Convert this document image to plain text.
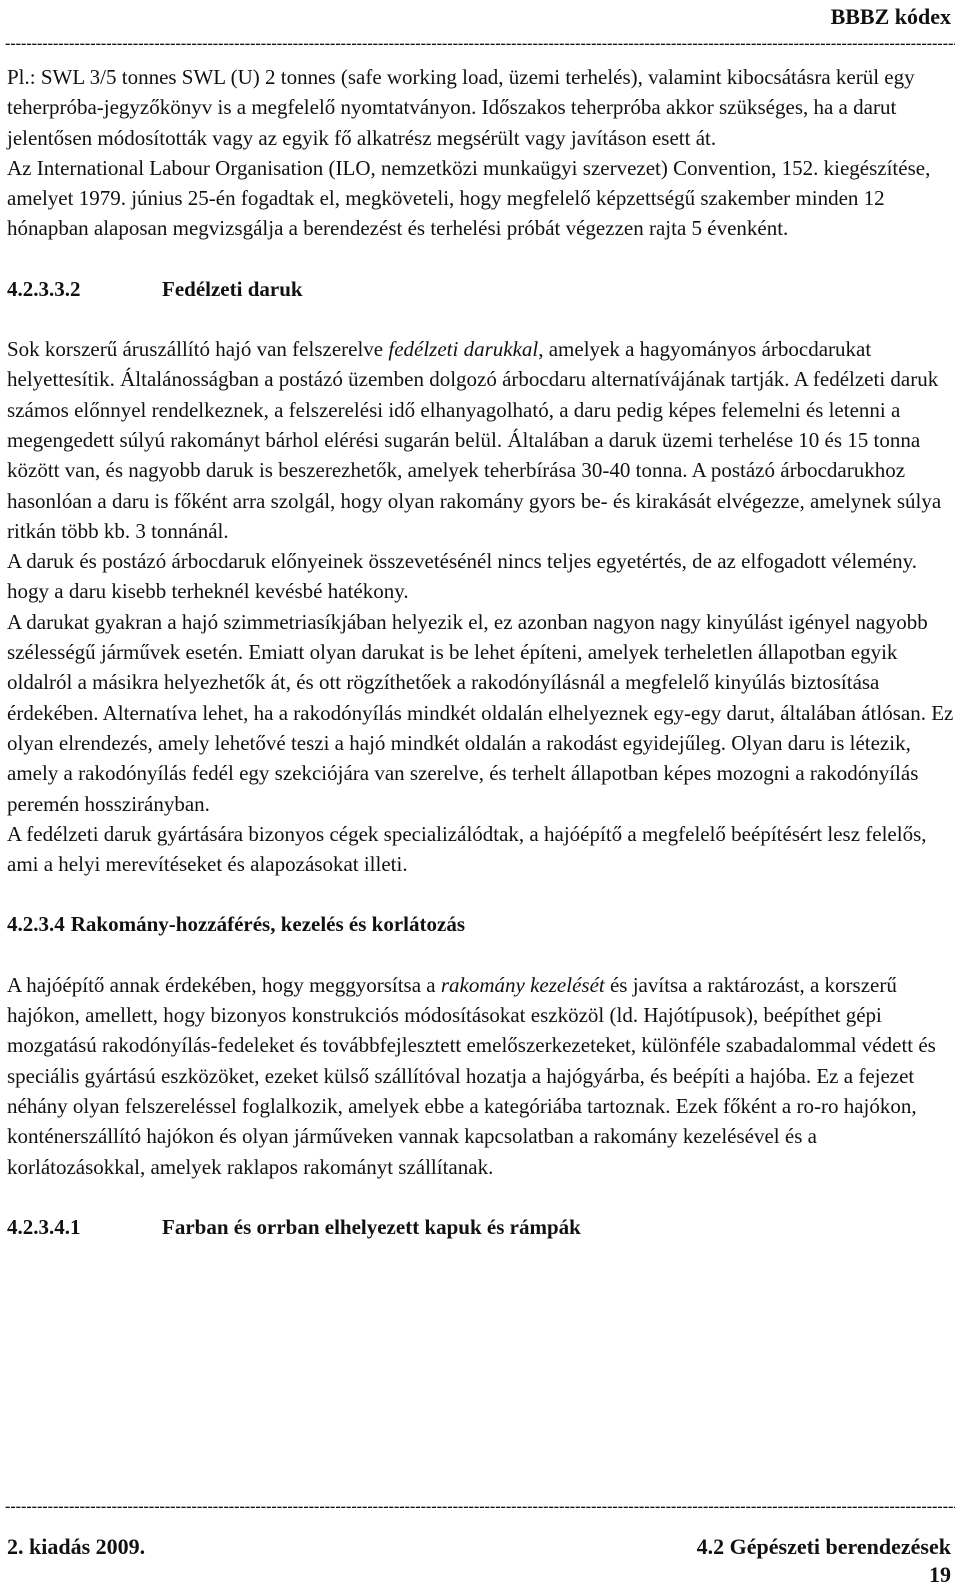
BBBZ kódex
-----

Pl.: SWL 3/5 tonnes SWL (U) 2 tonnes (safe working load, üzemi terhelés), valamint kibocsátásra kerül egy teherpróba-jegyzőkönyv is a megfelelő nyomtatványon. Időszakos teherpróba akkor szükséges, ha a darut jelentősen módosították vagy az egyik fő alkatrész megsérült vagy javításon esett át.

Az International Labour Organisation (ILO, nemzetközi munkaügyi szervezet) Convention, 152. kiegészítése, amelyet 1979. június 25-én fogadtak el, megköveteli, hogy megfelelő képzettségű szakember minden 12 hónapban alaposan megvizsgálja a berendezést és terhelési próbát végezzen rajta 5 évenként.

4.2.3.3.2	Fedélzeti daruk

Sok korszerű áruszállító hajó van felszerelve fedélzeti darukkal, amelyek a hagyományos árbocdarukat helyettesítik. Általánosságban a postázó üzemben dolgozó árbocdaru alternatívájának tartják. A fedélzeti daruk számos előnnyel rendelkeznek, a felszerelési idő elhanyagolható, a daru pedig képes felemelni és letenni a megengedett súlyú rakományt bárhol elérési sugarán belül. Általában a daruk üzemi terhelése 10 és 15 tonna között van, és nagyobb daruk is beszerezhetők, amelyek teherbírása 30-40 tonna. A postázó árbocdarukhoz hasonlóan a daru is főként arra szolgál, hogy olyan rakomány gyors be- és kirakását elvégezze, amelynek súlya ritkán több kb. 3 tonnánál.

A daruk és postázó árbocdaruk előnyeinek összevetésénél nincs teljes egyetértés, de az elfogadott vélemény. hogy a daru kisebb terheknél kevésbé hatékony.

A darukat gyakran a hajó szimmetriasíkjában helyezik el, ez azonban nagyon nagy kinyúlást igényel nagyobb szélességű járművek esetén. Emiatt olyan darukat is be lehet építeni, amelyek terheletlen állapotban egyik oldalról a másikra helyezhetők át, és ott rögzíthetőek a rakodónyílásnál a megfelelő kinyúlás biztosítása érdekében. Alternatíva lehet, ha a rakodónyílás mindkét oldalán elhelyeznek egy-egy darut, általában átlósan. Ez olyan elrendezés, amely lehetővé teszi a hajó mindkét oldalán a rakodást egyidejűleg. Olyan daru is létezik, amely a rakodónyílás fedél egy szekciójára van szerelve, és terhelt állapotban képes mozogni a rakodónyílás peremén hosszirányban.

A fedélzeti daruk gyártására bizonyos cégek specializálódtak, a hajóépítő a megfelelő beépítésért lesz felelős, ami a helyi merevítéseket és alapozásokat illeti.

4.2.3.4 Rakomány-hozzáférés, kezelés és korlátozás

A hajóépítő annak érdekében, hogy meggyorsítsa a rakomány kezelését és javítsa a raktározást, a korszerű hajókon, amellett, hogy bizonyos konstrukciós módosításokat eszközöl (ld. Hajótípusok), beépíthet gépi mozgatású rakodónyílás-fedeleket és továbbfejlesztett emelőszerkezeteket, különféle szabadalommal védett és speciális gyártású eszközöket, ezeket külső szállítóval hozatja a hajógyárba, és beépíti a hajóba. Ez a fejezet néhány olyan felszereléssel foglalkozik, amelyek ebbe a kategóriába tartoznak. Ezek főként a ro-ro hajókon, konténerszállító hajókon és olyan járműveken vannak kapcsolatban a rakomány kezelésével és a korlátozásokkal, amelyek raklapos rakományt szállítanak.

4.2.3.4.1	Farban és orrban elhelyezett kapuk és rámpák

-----
2. kiadás 2009.	4.2 Gépészeti berendezések
19
